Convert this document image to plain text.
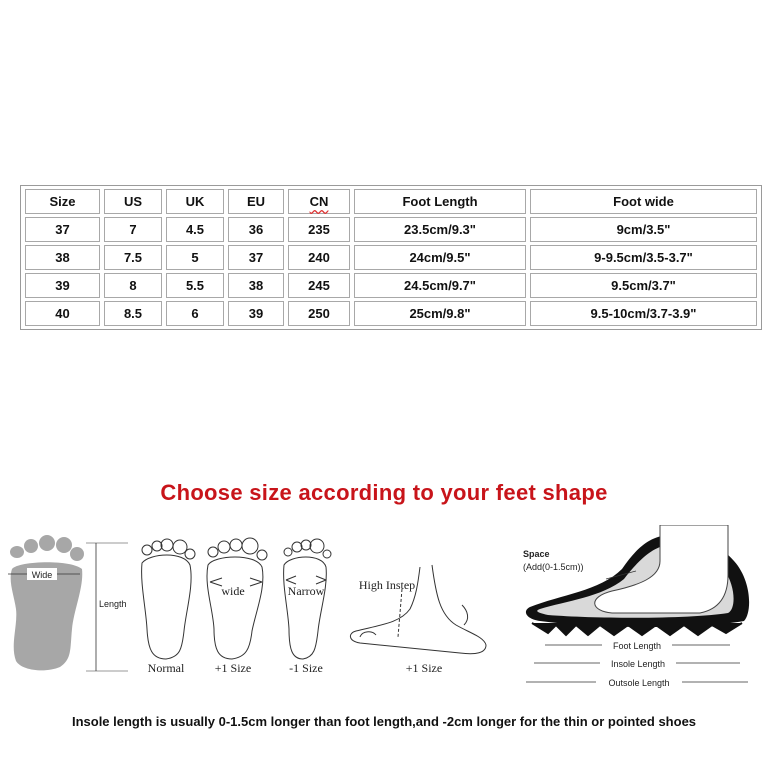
Size	US	UK	EU	CN	Foot Length	Foot wide
37	7	4.5	36	235	23.5cm/9.3"	9cm/3.5"
38	7.5	5	37	240	24cm/9.5"	9-9.5cm/3.5-3.7"
39	8	5.5	38	245	24.5cm/9.7"	9.5cm/3.7"
40	8.5	6	39	250	25cm/9.8"	9.5-10cm/3.7-3.9"
Choose size according to your feet shape
Wide
Length
Normal
wide
+1 Size
Narrow
-1 Size
High Instep
+1 Size
Space
(Add(0-1.5cm))
Foot Length
Insole Length
Outsole Length
Insole length is usually 0-1.5cm longer than foot length,and -2cm longer for the thin or pointed shoes
